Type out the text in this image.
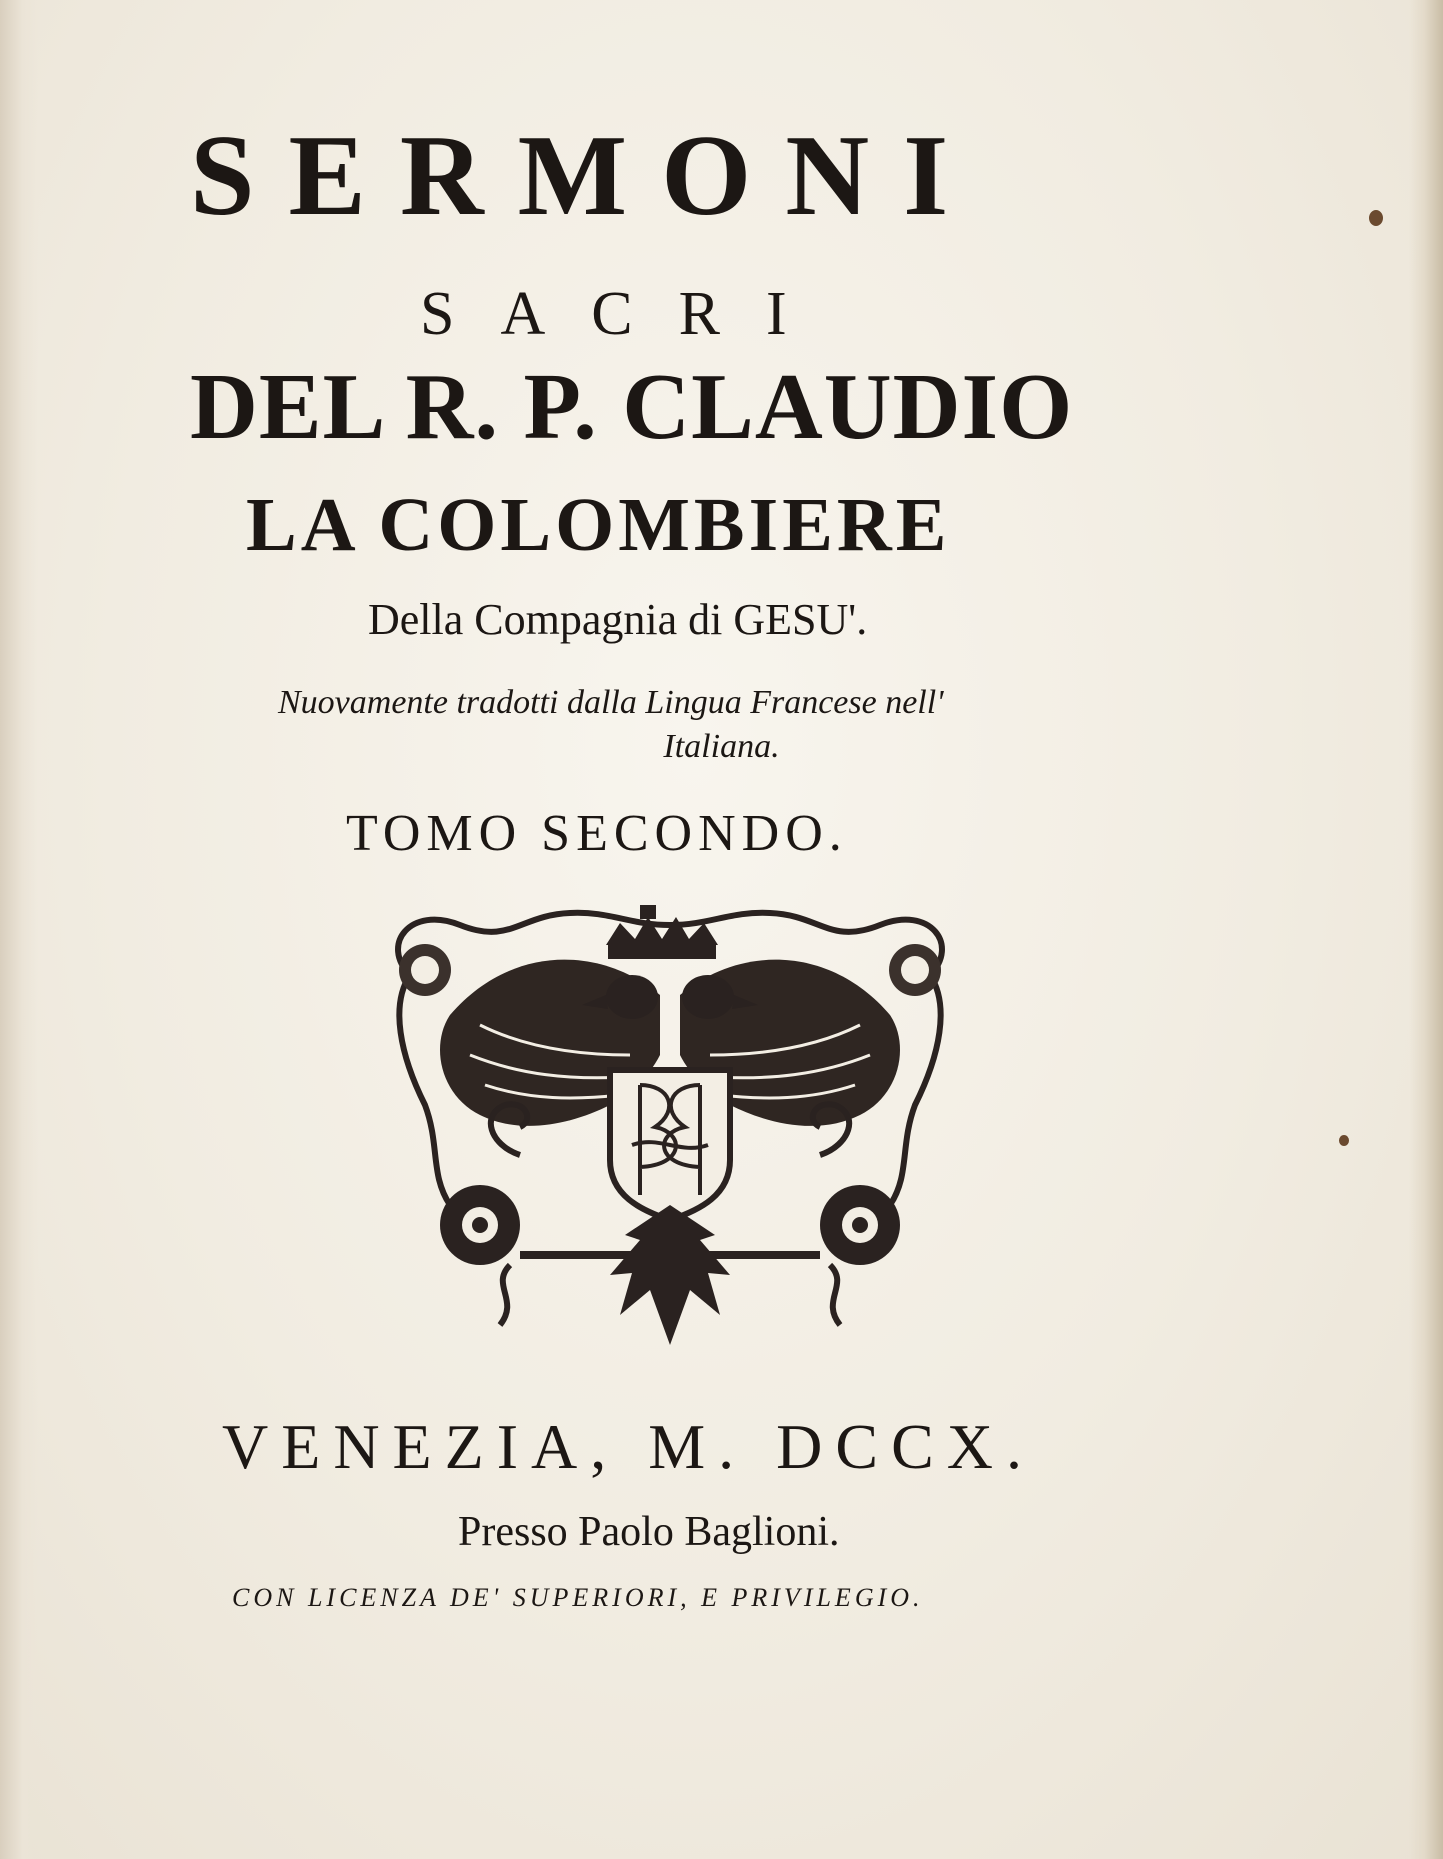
SERMONI
SACRI
DEL R. P. CLAUDIO
LA COLOMBIERE
Della Compagnia di GESU'.
Nuovamente tradotti dalla Lingua Francese nell'
Italiana.
TOMO SECONDO.
VENEZIA, M. DCCX.
Presso Paolo Baglioni.
CON LICENZA DE' SUPERIORI, E PRIVILEGIO.
